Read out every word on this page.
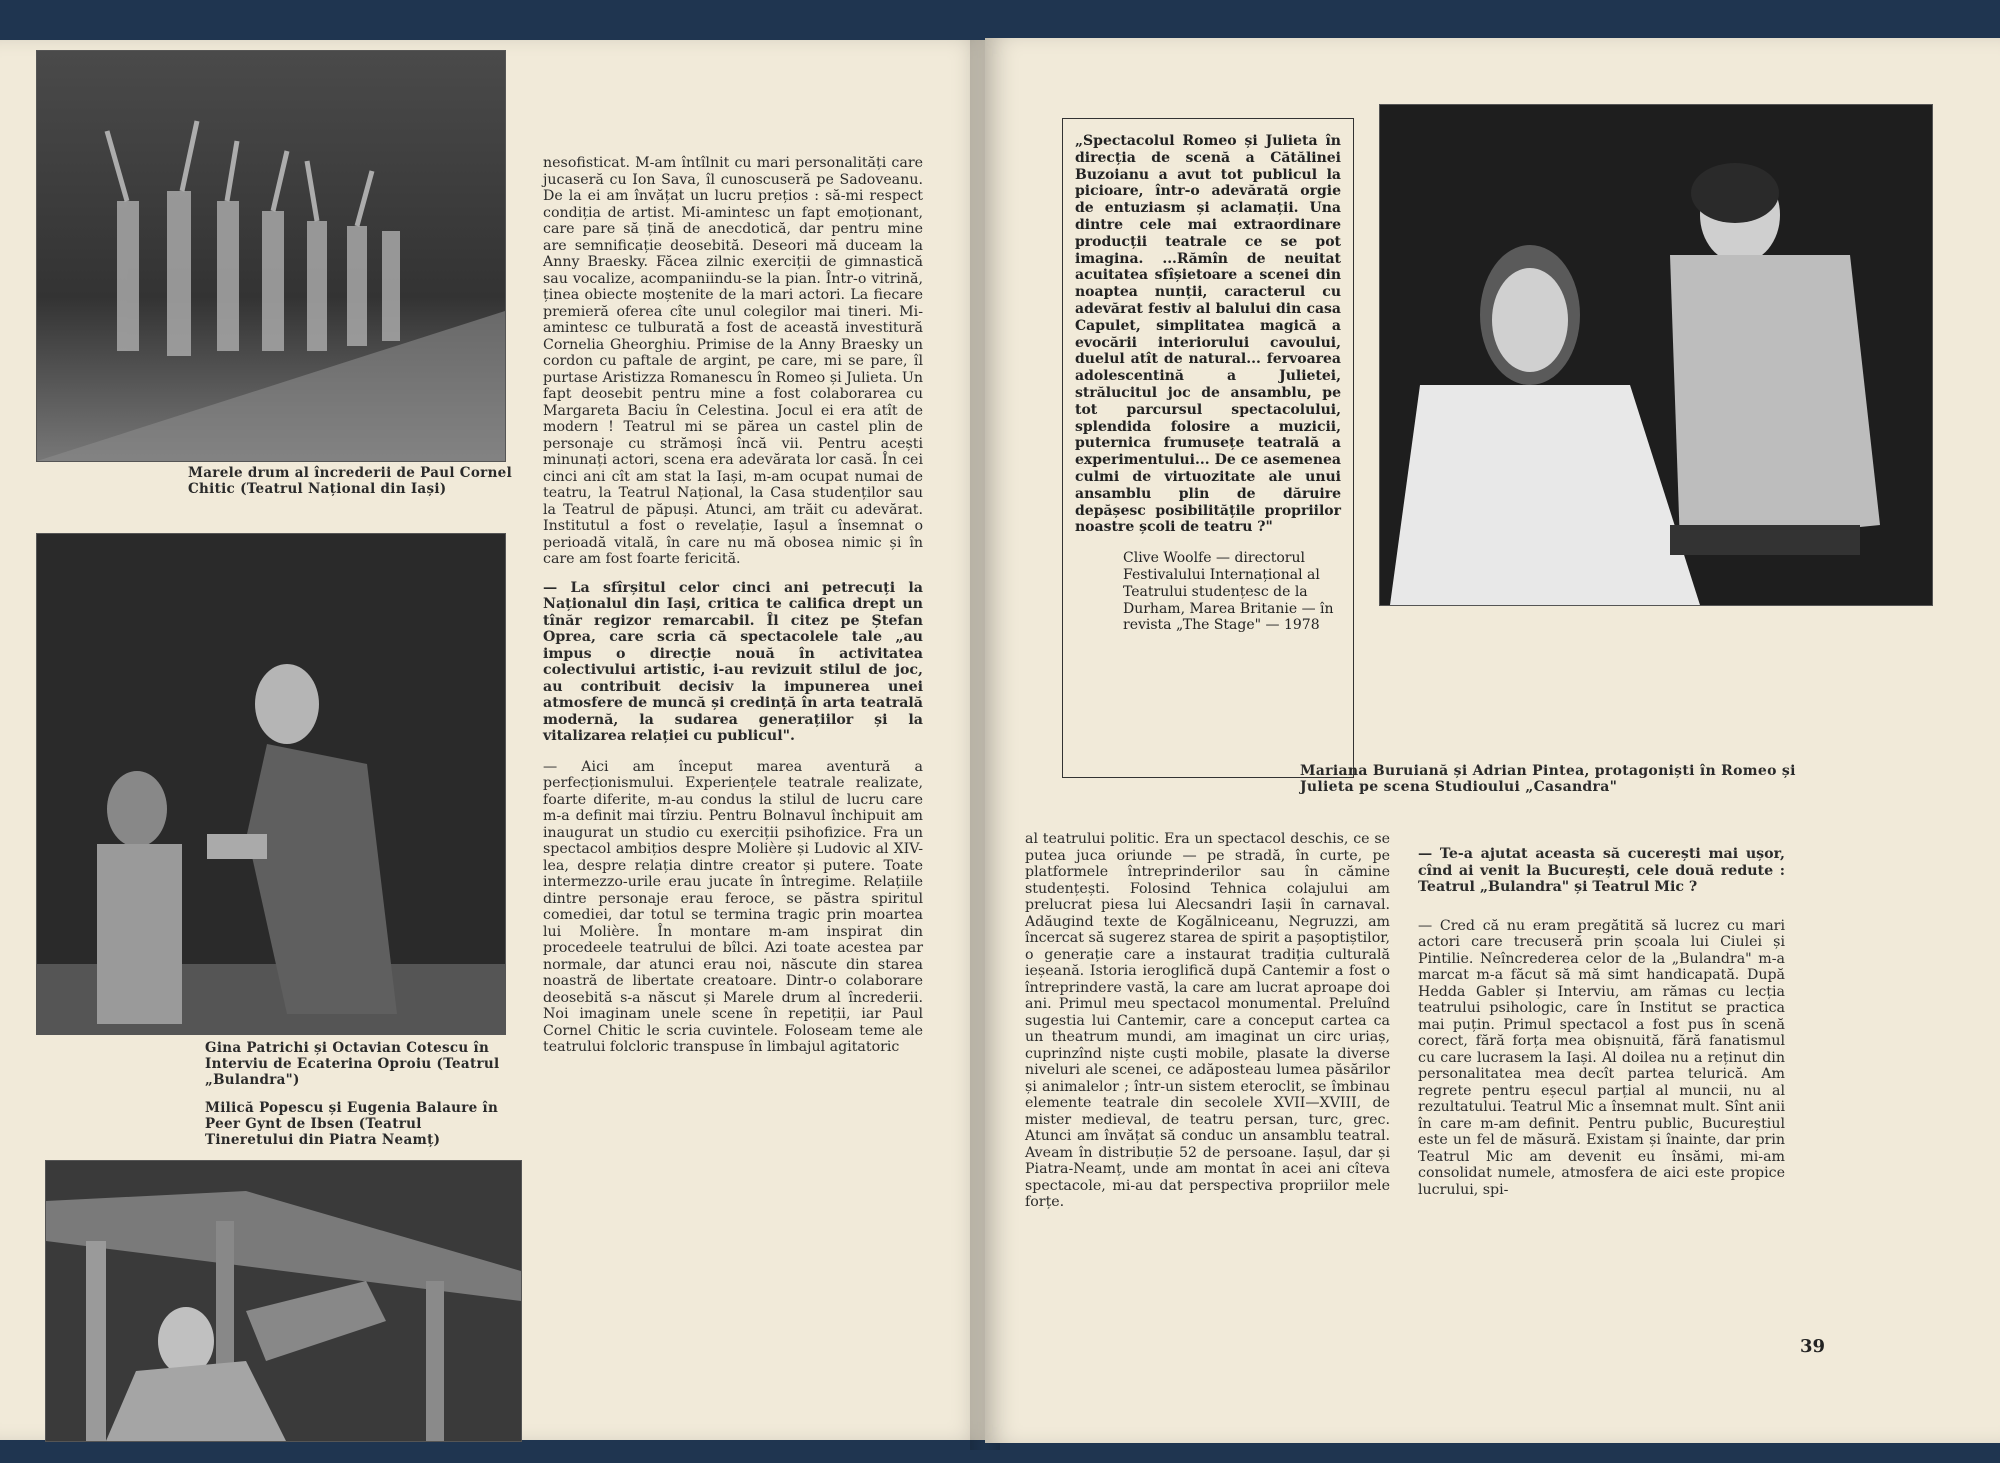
Marele drum al încrederii de Paul Cornel Chitic (Teatrul Național din Iași)
Gina Patrichi și Octavian Cotescu în Interviu de Ecaterina Oproiu (Teatrul „Bulandra")
Milică Popescu și Eugenia Balaure în Peer Gynt de Ibsen (Teatrul Tineretului din Piatra Neamț)

nesofisticat. M-am întîlnit cu mari personalități care jucaseră cu Ion Sava, îl cunoscuseră pe Sadoveanu. De la ei am învățat un lucru prețios : să-mi respect condiția de artist. Mi-amintesc un fapt emoționant, care pare să țină de anecdotică, dar pentru mine are semnificație deosebită. Deseori mă duceam la Anny Braesky. Făcea zilnic exerciții de gimnastică sau vocalize, acompaniindu-se la pian. Într-o vitrină, ținea obiecte moștenite de la mari actori. La fiecare premieră oferea cîte unul colegilor mai tineri. Mi-amintesc ce tulburată a fost de această investitură Cornelia Gheorghiu. Primise de la Anny Braesky un cordon cu paftale de argint, pe care, mi se pare, îl purtase Aristizza Romanescu în Romeo și Julieta. Un fapt deosebit pentru mine a fost colaborarea cu Margareta Baciu în Celestina. Jocul ei era atît de modern ! Teatrul mi se părea un castel plin de personaje cu strămoși încă vii. Pentru acești minunați actori, scena era adevărata lor casă. În cei cinci ani cît am stat la Iași, m-am ocupat numai de teatru, la Teatrul Național, la Casa studenților sau la Teatrul de păpuși. Atunci, am trăit cu adevărat. Institutul a fost o revelație, Iașul a însemnat o perioadă vitală, în care nu mă obosea nimic și în care am fost foarte fericită.

— La sfîrșitul celor cinci ani petrecuți la Naționalul din Iași, critica te califica drept un tînăr regizor remarcabil. Îl citez pe Ștefan Oprea, care scria că spectacolele tale „au impus o direcție nouă în activitatea colectivului artistic, i-au revizuit stilul de joc, au contribuit decisiv la impunerea unei atmosfere de muncă și credință în arta teatrală modernă, la sudarea generațiilor și la vitalizarea relației cu publicul".

— Aici am început marea aventură a perfecționismului. Experiențele teatrale realizate, foarte diferite, m-au condus la stilul de lucru care m-a definit mai tîrziu. Pentru Bolnavul închipuit am inaugurat un studio cu exerciții psihofizice. Fra un spectacol ambițios despre Molière și Ludovic al XIV-lea, despre relația dintre creator și putere. Toate intermezzo-urile erau jucate în întregime. Relațiile dintre personaje erau feroce, se păstra spiritul comediei, dar totul se termina tragic prin moartea lui Molière. În montare m-am inspirat din procedeele teatrului de bîlci. Azi toate acestea par normale, dar atunci erau noi, născute din starea noastră de libertate creatoare. Dintr-o colaborare deosebită s-a născut și Marele drum al încrederii. Noi imaginam unele scene în repetiții, iar Paul Cornel Chitic le scria cuvintele. Foloseam teme ale teatrului folcloric transpuse în limbajul agitatoric

„Spectacolul Romeo și Julieta în direcția de scenă a Cătălinei Buzoianu a avut tot publicul la picioare, într-o adevărată orgie de entuziasm și aclamații. Una dintre cele mai extraordinare producții teatrale ce se pot imagina. ...Rămîn de neuitat acuitatea sfîșietoare a scenei din noaptea nunții, caracterul cu adevărat festiv al balului din casa Capulet, simplitatea magică a evocării interiorului cavoului, duelul atît de natural... fervoarea adolescentină a Julietei, strălucitul joc de ansamblu, pe tot parcursul spectacolului, splendida folosire a muzicii, puternica frumusețe teatrală a experimentului... De ce asemenea culmi de virtuozitate ale unui ansamblu plin de dăruire depășesc posibilitățile propriilor noastre școli de teatru ?"

Clive Woolfe — directorul Festivalului Internațional al Teatrului studențesc de la Durham, Marea Britanie — în revista „The Stage" — 1978

Mariana Buruiană și Adrian Pintea, protagoniști în Romeo și Julieta pe scena Studioului „Casandra"

al teatrului politic. Era un spectacol deschis, ce se putea juca oriunde — pe stradă, în curte, pe platformele întreprinderilor sau în cămine studențești. Folosind Tehnica colajului am prelucrat piesa lui Alecsandri Iașii în carnaval. Adăugind texte de Kogălniceanu, Negruzzi, am încercat să sugerez starea de spirit a pașoptiștilor, o generație care a instaurat tradiția culturală ieșeană. Istoria ieroglifică după Cantemir a fost o întreprindere vastă, la care am lucrat aproape doi ani. Primul meu spectacol monumental. Preluînd sugestia lui Cantemir, care a conceput cartea ca un theatrum mundi, am imaginat un circ uriaș, cuprinzînd niște cuști mobile, plasate la diverse niveluri ale scenei, ce adăposteau lumea păsărilor și animalelor ; într-un sistem eteroclit, se îmbinau elemente teatrale din secolele XVII—XVIII, de mister medieval, de teatru persan, turc, grec. Atunci am învățat să conduc un ansamblu teatral. Aveam în distribuție 52 de persoane. Iașul, dar și Piatra-Neamț, unde am montat în acei ani cîteva spectacole, mi-au dat perspectiva propriilor mele forțe.

— Te-a ajutat aceasta să cucerești mai ușor, cînd ai venit la București, cele două redute : Teatrul „Bulandra" și Teatrul Mic ?

— Cred că nu eram pregătită să lucrez cu mari actori care trecuseră prin școala lui Ciulei și Pintilie. Neîncrederea celor de la „Bulandra" m-a marcat m-a făcut să mă simt handicapată. După Hedda Gabler și Interviu, am rămas cu lecția teatrului psihologic, care în Institut se practica mai puțin. Primul spectacol a fost pus în scenă corect, fără forța mea obișnuită, fără fanatismul cu care lucrasem la Iași. Al doilea nu a reținut din personalitatea mea decît partea telurică. Am regrete pentru eșecul parțial al muncii, nu al rezultatului. Teatrul Mic a însemnat mult. Sînt anii în care m-am definit. Pentru public, Bucureștiul este un fel de măsură. Existam și înainte, dar prin Teatrul Mic am devenit eu însămi, mi-am consolidat numele, atmosfera de aici este propice lucrului, spi-

39
